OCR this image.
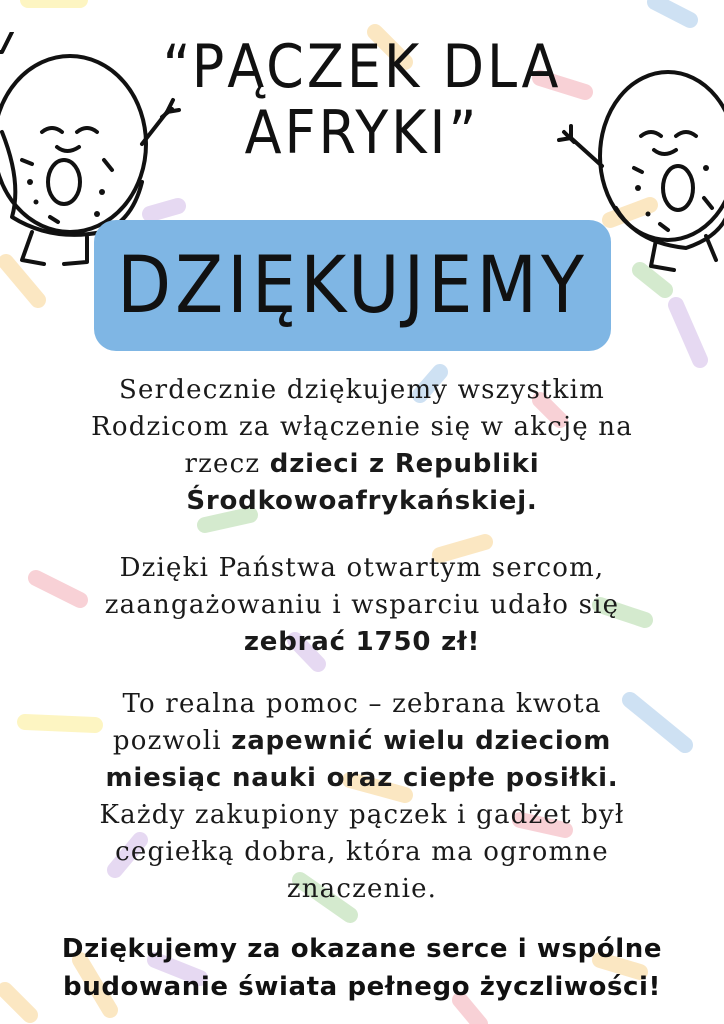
“PĄCZEK DLA
AFRYKI”
DZIĘKUJEMY
Serdecznie dziękujemy wszystkim
Rodzicom za włączenie się w akcję na
rzecz dzieci z Republiki
Środkowoafrykańskiej.
Dzięki Państwa otwartym sercom,
zaangażowaniu i wsparciu udało się
zebrać 1750 zł!
To realna pomoc – zebrana kwota
pozwoli zapewnić wielu dzieciom
miesiąc nauki oraz ciepłe posiłki.
Każdy zakupiony pączek i gadżet był
cegiełką dobra, która ma ogromne
znaczenie.
Dziękujemy za okazane serce i wspólne
budowanie świata pełnego życzliwości!
